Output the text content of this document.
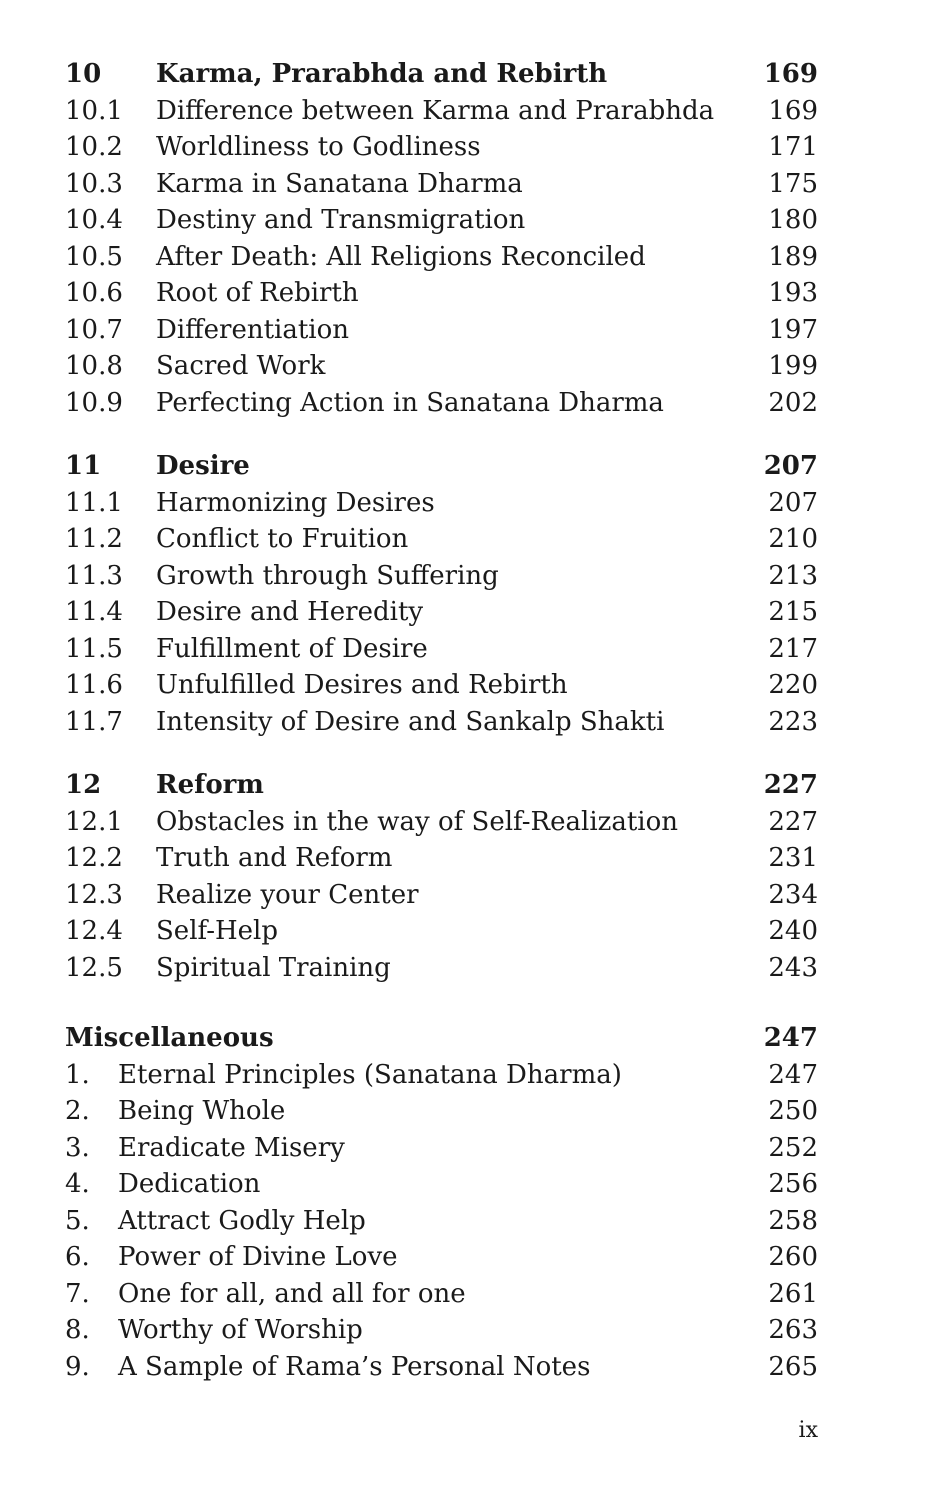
10	Karma, Prarabhda and Rebirth	169
10.1	Difference between Karma and Prarabhda	169
10.2	Worldliness to Godliness	171
10.3	Karma in Sanatana Dharma	175
10.4	Destiny and Transmigration	180
10.5	After Death: All Religions Reconciled	189
10.6	Root of Rebirth	193
10.7	Differentiation	197
10.8	Sacred Work	199
10.9	Perfecting Action in Sanatana Dharma	202
11	Desire	207
11.1	Harmonizing Desires	207
11.2	Conflict to Fruition	210
11.3	Growth through Suffering	213
11.4	Desire and Heredity	215
11.5	Fulfillment of Desire	217
11.6	Unfulfilled Desires and Rebirth	220
11.7	Intensity of Desire and Sankalp Shakti	223
12	Reform	227
12.1	Obstacles in the way of Self-Realization	227
12.2	Truth and Reform	231
12.3	Realize your Center	234
12.4	Self-Help	240
12.5	Spiritual Training	243
Miscellaneous	247
1.	Eternal Principles (Sanatana Dharma)	247
2.	Being Whole	250
3.	Eradicate Misery	252
4.	Dedication	256
5.	Attract Godly Help	258
6.	Power of Divine Love	260
7.	One for all, and all for one	261
8.	Worthy of Worship	263
9.	A Sample of Rama’s Personal Notes	265
ix
